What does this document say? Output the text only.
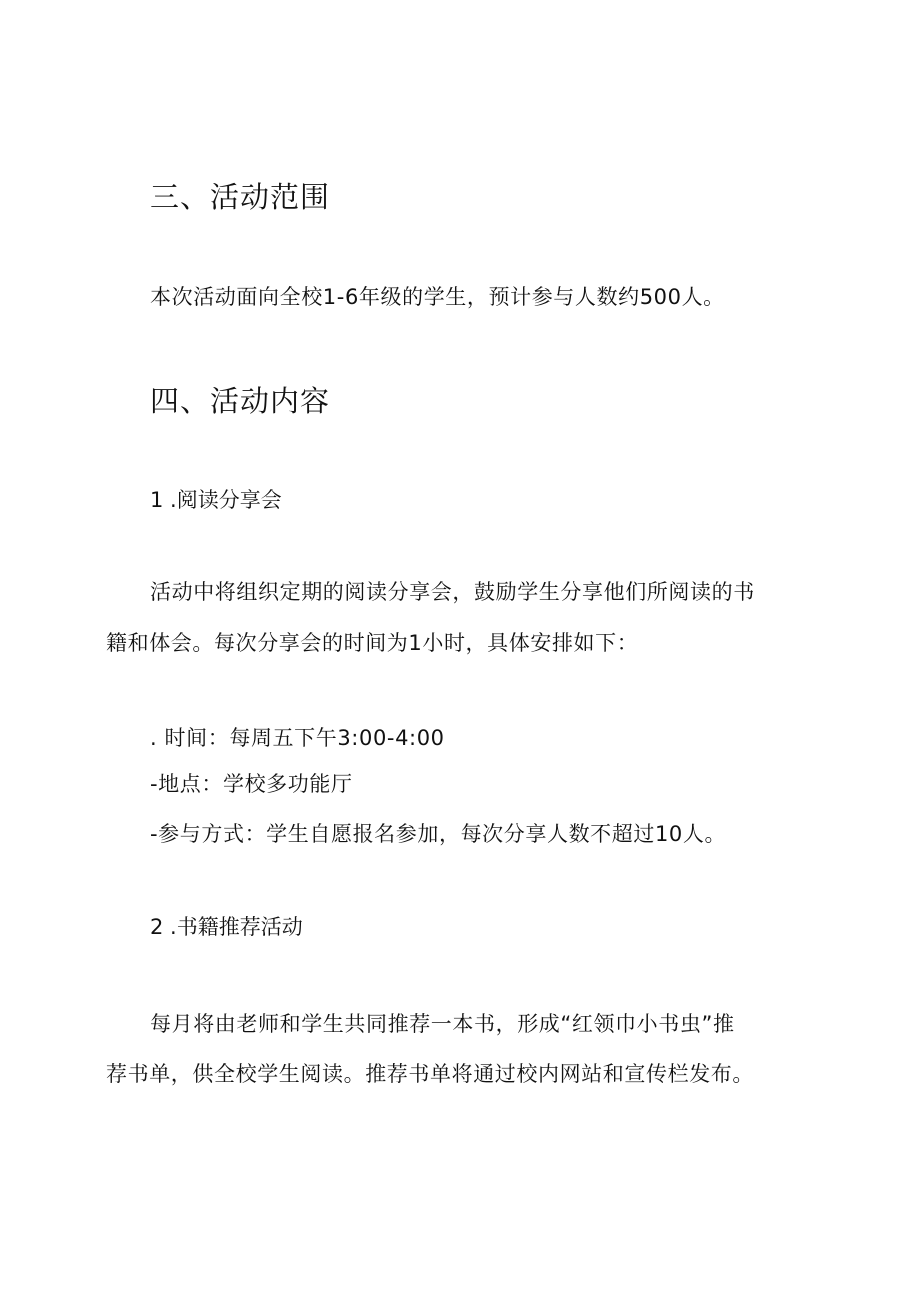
三、活动范围

本次活动面向全校1-6年级的学生，预计参与人数约500人。

四、活动内容

1 .阅读分享会

活动中将组织定期的阅读分享会，鼓励学生分享他们所阅读的书

籍和体会。每次分享会的时间为1小时，具体安排如下：

. 时间：每周五下午3:00-4:00

-地点：学校多功能厅

-参与方式：学生自愿报名参加，每次分享人数不超过10人。

2 .书籍推荐活动

每月将由老师和学生共同推荐一本书，形成“红领巾小书虫”推

荐书单，供全校学生阅读。推荐书单将通过校内网站和宣传栏发布。
